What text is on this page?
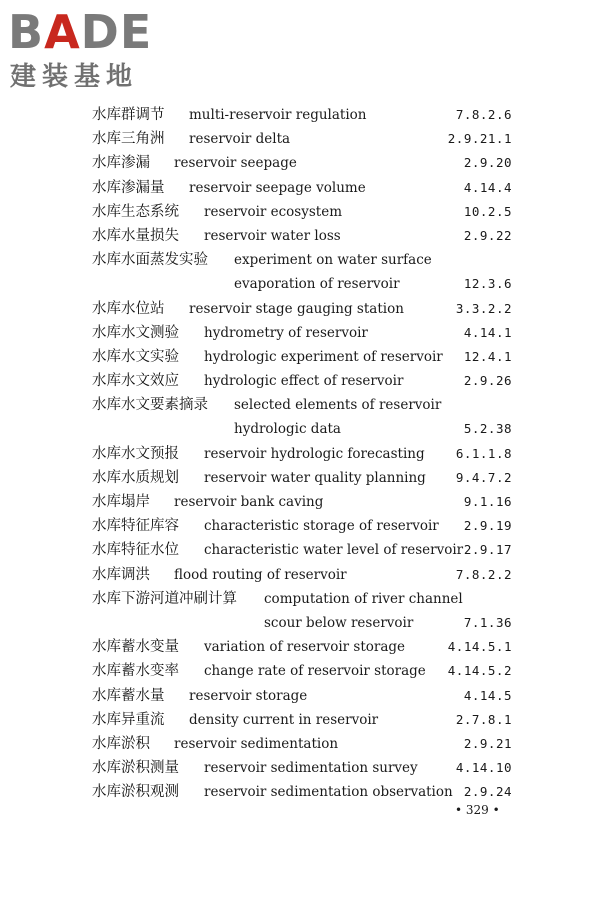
BADE
建装基地
水库群调节 multi-reservoir regulation	7.8.2.6
水库三角洲 reservoir delta	2.9.21.1
水库渗漏 reservoir seepage	2.9.20
水库渗漏量 reservoir seepage volume	4.14.4
水库生态系统 reservoir ecosystem	10.2.5
水库水量损失 reservoir water loss	2.9.22
水库水面蒸发实验 experiment on water surface
evaporation of reservoir	12.3.6
水库水位站 reservoir stage gauging station	3.3.2.2
水库水文测验 hydrometry of reservoir	4.14.1
水库水文实验 hydrologic experiment of reservoir 12.4.1
水库水文效应 hydrologic effect of reservoir	2.9.26
水库水文要素摘录 selected elements of reservoir
hydrologic data	5.2.38
水库水文预报 reservoir hydrologic forecasting 6.1.1.8
水库水质规划 reservoir water quality planning 9.4.7.2
水库塌岸 reservoir bank caving	9.1.16
水库特征库容 characteristic storage of reservoir 2.9.19
水库特征水位 characteristic water level of reservoir 2.9.17
水库调洪 flood routing of reservoir	7.8.2.2
水库下游河道冲刷计算 computation of river channel
scour below reservoir	7.1.36
水库蓄水变量 variation of reservoir storage	4.14.5.1
水库蓄水变率 change rate of reservoir storage 4.14.5.2
水库蓄水量 reservoir storage	4.14.5
水库异重流 density current in reservoir	2.7.8.1
水库淤积 reservoir sedimentation	2.9.21
水库淤积测量 reservoir sedimentation survey	4.14.10
水库淤积观测 reservoir sedimentation observation 2.9.24
• 329 •
